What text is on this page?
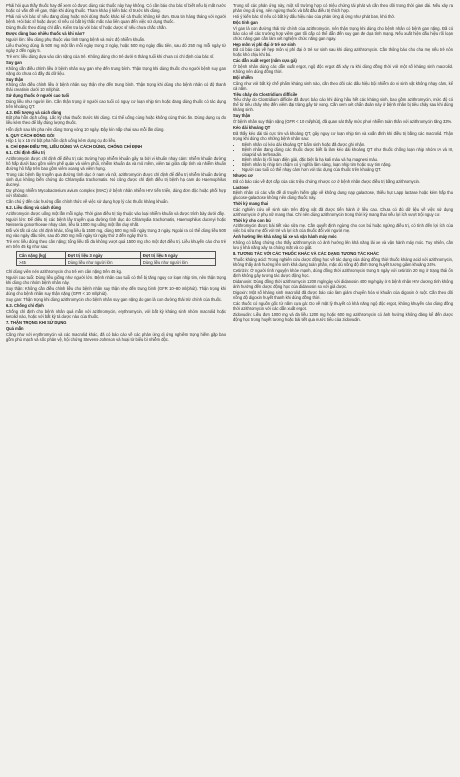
Phải hỏi qua thầy thuốc hay để xem có được dùng các thuốc này hay không. Có cần báo cho bác sĩ biết nếu bị mất nước hoặc có vấn đề về gan, thận khi dùng thuốc. Tham khảo ý kiến bác sĩ trước khi dùng.

Phải nói với bác sĩ nếu đang dùng hoặc mới dùng thuốc khác kể cả thuốc không kê đơn. Đưa tin hàng tháng với người bệnh. Hỏi bác sĩ hoặc dược sĩ nếu có bất kỳ thắc mắc nào liên quan đến việc sử dụng thuốc.

Dùng thuốc theo đúng chỉ dẫn. Kiểm tra lại với bác sĩ hoặc dược sĩ nếu chưa chắc chắn.

Được dùng bao nhiêu thuốc và khi nào?

Người lớn: liều dùng phụ thuộc vào tình trạng bệnh và mức độ nhiễm khuẩn.

Liều thường dùng là 500 mg một lần mỗi ngày trong 3 ngày, hoặc 500 mg ngày đầu tiên, sau đó 250 mg mỗi ngày từ ngày 2 đến ngày 5.

Trẻ em: liều dùng dựa vào cân nặng của trẻ. Không dùng cho trẻ dưới 6 tháng tuổi khi chưa có chỉ định của bác sĩ.

Suy gan

Không cần điều chỉnh liều ở bệnh nhân suy gan nhẹ đến trung bình. Thận trọng khi dùng thuốc cho người bệnh suy gan nặng do chưa có đầy đủ dữ liệu.

Suy thận

Không cần điều chỉnh liều ở bệnh nhân suy thận nhẹ đến trung bình. Thận trọng khi dùng cho bệnh nhân có độ thanh thải creatinin dưới 10 ml/phút.

Sử dụng thuốc ở người cao tuổi

Dùng liều như người lớn. Cần thận trọng ở người cao tuổi có nguy cơ loạn nhịp tim hoặc đang dùng thuốc có tác dụng trên khoảng QT.

4.3. Đối tượng và cách dùng

Bột pha hỗn dịch uống. Lắc kỹ chai thuốc trước khi dùng. Có thể uống cùng hoặc không cùng thức ăn. Dùng dụng cụ đo liều kèm theo để lấy đúng lượng thuốc.

Hỗn dịch sau khi pha nên dùng trong vòng 10 ngày. Đậy kín nắp chai sau mỗi lần dùng.

5. QUY CÁCH ĐÓNG GÓI

Hộp 1 lọ x 15 ml bột pha hỗn dịch uống kèm dụng cụ đo liều.

6. CHỈ ĐỊNH ĐIỀU TRỊ, LIỀU DÙNG VÀ CÁCH DÙNG, CHỐNG CHỈ ĐỊNH
6.1. Chỉ định điều trị

Azithromycin được chỉ định để điều trị các trường hợp nhiễm khuẩn gây ra bởi vi khuẩn nhạy cảm: nhiễm khuẩn đường hô hấp dưới bao gồm viêm phế quản và viêm phổi, nhiễm khuẩn da và mô mềm, viêm tai giữa cấp tính và nhiễm khuẩn đường hô hấp trên bao gồm viêm xoang và viêm họng.

Trong các bệnh lây truyền qua đường tình dục ở nam và nữ, azithromycin được chỉ định để điều trị nhiễm khuẩn đường sinh dục không biến chứng do Chlamydia trachomatis. Nó cũng được chỉ định điều trị bệnh hạ cam do Haemophilus ducreyi.

Dự phòng nhiễm Mycobacterium avium complex (MAC) ở bệnh nhân nhiễm HIV tiến triển, dùng đơn độc hoặc phối hợp với rifabutin.

Cần chú ý đến các hướng dẫn chính thức về việc sử dụng hợp lý các thuốc kháng khuẩn.

6.2. Liều dùng và cách dùng

Azithromycin được uống một lần mỗi ngày. Thời gian điều trị tùy thuộc vào loại nhiễm khuẩn và được trình bày dưới đây.

Người lớn: Để điều trị các bệnh lây truyền qua đường tình dục do Chlamydia trachomatis, Haemophilus ducreyi hoặc Neisseria gonorrhoeae nhạy cảm, liều là 1000 mg uống một lần duy nhất.

Đối với tất cả các chỉ định khác, tổng liều là 1500 mg, dùng 500 mg mỗi ngày trong 3 ngày. Ngoài ra có thể dùng liều 500 mg vào ngày đầu tiên, sau đó 250 mg mỗi ngày từ ngày thứ 2 đến ngày thứ 5.

Trẻ em: liều dùng theo cân nặng; tổng liều tối đa không vượt quá 1500 mg cho một đợt điều trị. Liều khuyến cáo cho trẻ em trên 45 kg như sau:

Cân nặng (kg)	Đợt trị liệu 3 ngày	Đợt trị liệu 5 ngày
>45	Dùng liều như người lớn	Dùng liều như người lớn

Chỉ dùng viên nén azithromycin cho trẻ em cân nặng trên 45 kg.

Người cao tuổi: Dùng liều giống như người lớn. Bệnh nhân cao tuổi có thể bị tăng nguy cơ loạn nhịp tim, nên thận trọng khi dùng cho nhóm bệnh nhân này.

Suy thận: Không cần điều chỉnh liều cho bệnh nhân suy thận nhẹ đến trung bình (GFR 10–80 ml/phút). Thận trọng khi dùng cho bệnh nhân suy thận nặng (GFR < 10 ml/phút).

Suy gan: Thận trọng khi dùng azithromycin cho bệnh nhân suy gan nặng do gan là con đường thải trừ chính của thuốc.

6.3. Chống chỉ định

Chống chỉ định cho bệnh nhân quá mẫn với azithromycin, erythromycin, với bất kỳ kháng sinh nhóm macrolid hoặc ketolid nào, hoặc với bất kỳ tá dược nào của thuốc.

7. THẬN TRỌNG KHI SỬ DỤNG
Quá mẫn

Cũng như với erythromycin và các macrolid khác, đã có báo cáo về các phản ứng dị ứng nghiêm trọng hiếm gặp bao gồm phù mạch và sốc phản vệ, hội chứng Stevens-Johnson và hoại tử biểu bì nhiễm độc.

Trong số các phản ứng này, một số trường hợp có triệu chứng tái phát và cần theo dõi trong thời gian dài. Nếu xảy ra phản ứng dị ứng, nên ngừng thuốc và bắt đầu điều trị thích hợp.

Hỏi ý kiến bác sĩ nếu có bất kỳ dấu hiệu nào của phản ứng dị ứng như phát ban, khó thở.

Độc tính gan

Vì gan là con đường thải trừ chính của azithromycin, nên thận trọng khi dùng cho bệnh nhân có bệnh gan nặng. Đã có báo cáo về các trường hợp viêm gan tối cấp có thể dẫn đến suy gan đe dọa tính mạng. Nếu xuất hiện dấu hiệu rối loạn chức năng gan cần làm xét nghiệm chức năng gan ngay.

Hẹp môn vị phì đại ở trẻ sơ sinh

Đã có báo cáo về hẹp môn vị phì đại ở trẻ sơ sinh sau khi dùng azithromycin. Cần thông báo cho cha mẹ nếu trẻ nôn hoặc khó chịu khi bú.

Các dẫn xuất ergot (nấm cựa gà)

Ở bệnh nhân dùng các dẫn xuất ergot, ngộ độc ergot đã xảy ra khi dùng đồng thời với một số kháng sinh macrolid. Không nên dùng đồng thời.

Bội nhiễm

Cũng như với bất kỳ chế phẩm kháng sinh nào, cần theo dõi các dấu hiệu bội nhiễm do vi sinh vật không nhạy cảm, kể cả nấm.

Tiêu chảy do Clostridium difficile

Tiêu chảy do Clostridium difficile đã được báo cáo khi dùng hầu hết các kháng sinh, bao gồm azithromycin, mức độ có thể từ tiêu chảy nhẹ đến viêm đại tràng gây tử vong. Cần xem xét chẩn đoán này ở bệnh nhân bị tiêu chảy sau khi dùng kháng sinh.

Suy thận

Ở bệnh nhân suy thận nặng (GFR < 10 ml/phút), đã quan sát thấy mức phơi nhiễm toàn thân với azithromycin tăng 33%.

Kéo dài khoảng QT

Đã thấy kéo dài tái cực tim và khoảng QT, gây nguy cơ loạn nhịp tim và xoắn đỉnh khi điều trị bằng các macrolid. Thận trọng khi dùng cho những bệnh nhân sau:

• Bệnh nhân có kéo dài khoảng QT bẩm sinh hoặc đã được ghi nhận.
• Bệnh nhân đang dùng các thuốc được biết là làm kéo dài khoảng QT như thuốc chống loạn nhịp nhóm IA và III, cisaprid và terfenadin.
• Bệnh nhân bị rối loạn điện giải, đặc biệt là hạ kali máu và hạ magnesi máu.
• Bệnh nhân bị nhịp tim chậm có ý nghĩa lâm sàng, loạn nhịp tim hoặc suy tim nặng.
• Người cao tuổi có thể nhạy cảm hơn với tác dụng của thuốc trên khoảng QT.
Nhược cơ

Đã có báo cáo về đợt cấp của các triệu chứng nhược cơ ở bệnh nhân được điều trị bằng azithromycin.

Lactose

Bệnh nhân có các vấn đề di truyền hiếm gặp về không dung nạp galactose, thiếu hụt Lapp lactase hoặc kém hấp thu glucose-galactose không nên dùng thuốc này.

Thời kỳ mang thai

Các nghiên cứu về sinh sản trên động vật đã được tiến hành ở liều cao. Chưa có đủ dữ liệu về việc sử dụng azithromycin ở phụ nữ mang thai. Chỉ nên dùng azithromycin trong thời kỳ mang thai nếu lợi ích vượt trội nguy cơ.

Thời kỳ cho con bú

Azithromycin được bài tiết vào sữa mẹ. Cần quyết định ngừng cho con bú hoặc ngừng điều trị, có tính đến lợi ích của việc bú sữa mẹ đối với trẻ và lợi ích của thuốc đối với người mẹ.

Ảnh hưởng lên khả năng lái xe và vận hành máy móc

Không có bằng chứng cho thấy azithromycin có ảnh hưởng lên khả năng lái xe và vận hành máy móc. Tuy nhiên, cần lưu ý khả năng xảy ra chóng mặt và co giật.

8. TƯƠNG TÁC VỚI CÁC THUỐC KHÁC VÀ CÁC DẠNG TƯƠNG TÁC KHÁC

Thuốc kháng acid: Trong nghiên cứu dược động học về tác dụng của dùng đồng thời thuốc kháng acid với azithromycin, không thấy ảnh hưởng lên sinh khả dụng toàn phần, mặc dù nồng độ đỉnh trong huyết tương giảm khoảng 24%.

Cetirizin: Ở người tình nguyện khỏe mạnh, dùng đồng thời azithromycin trong 5 ngày với cetirizin 20 mg ở trạng thái ổn định không gây tương tác dược động học.

Didanosin: Dùng đồng thời azithromycin 1200 mg/ngày với didanosin 400 mg/ngày ở 6 bệnh nhân HIV dương tính không ảnh hưởng đến dược động học của didanosin so với giả dược.

Digoxin: Một số kháng sinh macrolid đã được báo cáo làm giảm chuyển hóa vi khuẩn của digoxin ở ruột. Cần theo dõi nồng độ digoxin huyết thanh khi dùng đồng thời.

Các thuốc có nguồn gốc từ nấm cựa gà: Do về mặt lý thuyết có khả năng ngộ độc ergot, không khuyến cáo dùng đồng thời azithromycin với các dẫn xuất ergot.

Zidovudin: Liều đơn 1000 mg và đa liều 1200 mg hoặc 600 mg azithromycin có ảnh hưởng không đáng kể đến dược động học trong huyết tương hoặc bài tiết qua nước tiểu của zidovudin.
